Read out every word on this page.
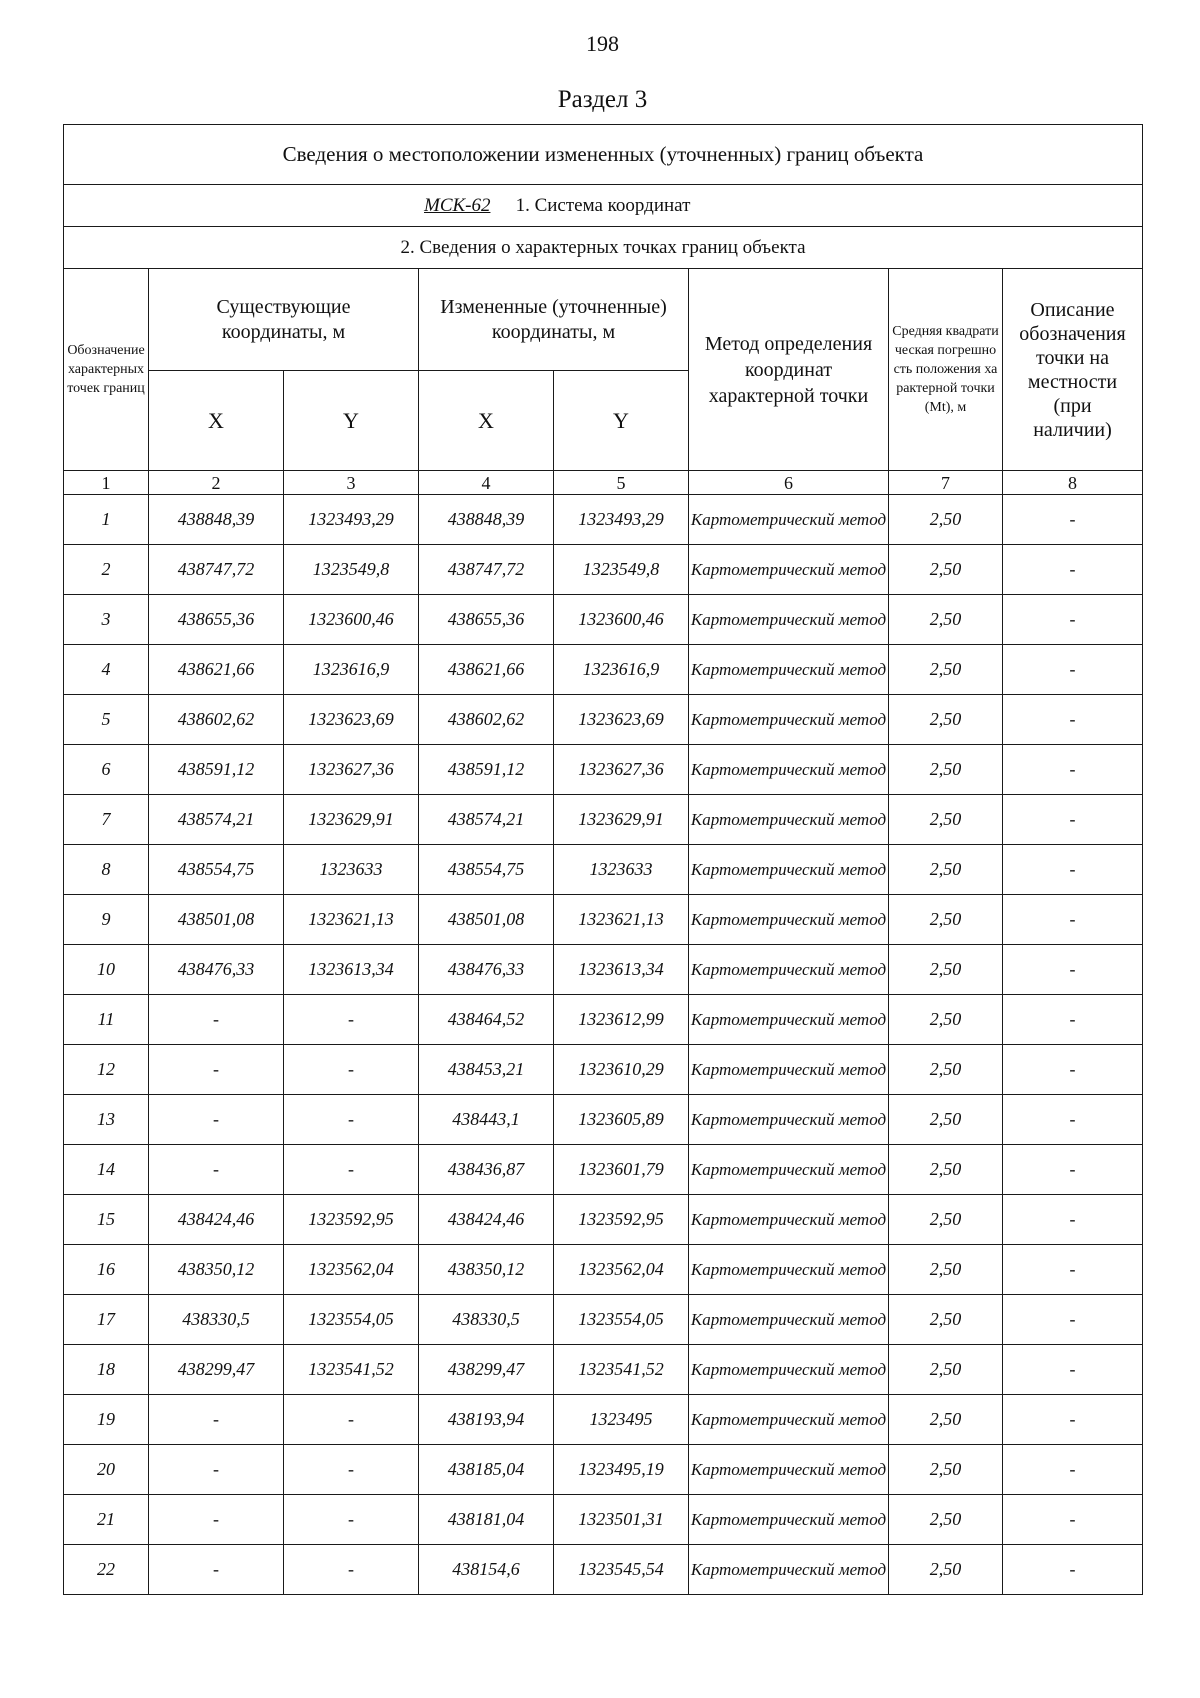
198
Раздел 3
Сведения о местоположении измененных (уточненных) границ объекта							
1. Система координат
МСК-62							

2. Сведения о характерных точках границ объекта							
Обозначение характерных точек границ	Существующие координаты, м		Измененные (уточненные) координаты, м		Метод определения координат характерной точки	Средняя квадратическая погрешность положения характерной точки (Mt), м	Описание обозначения точки на местности (при наличии)
	X	Y	X	Y			
1	2	3	4	5	6	7	8
1	438848,39	1323493,29	438848,39	1323493,29	Картометрический метод	2,50	-
2	438747,72	1323549,8	438747,72	1323549,8	Картометрический метод	2,50	-
3	438655,36	1323600,46	438655,36	1323600,46	Картометрический метод	2,50	-
4	438621,66	1323616,9	438621,66	1323616,9	Картометрический метод	2,50	-
5	438602,62	1323623,69	438602,62	1323623,69	Картометрический метод	2,50	-
6	438591,12	1323627,36	438591,12	1323627,36	Картометрический метод	2,50	-
7	438574,21	1323629,91	438574,21	1323629,91	Картометрический метод	2,50	-
8	438554,75	1323633	438554,75	1323633	Картометрический метод	2,50	-
9	438501,08	1323621,13	438501,08	1323621,13	Картометрический метод	2,50	-
10	438476,33	1323613,34	438476,33	1323613,34	Картометрический метод	2,50	-
11	-	-	438464,52	1323612,99	Картометрический метод	2,50	-
12	-	-	438453,21	1323610,29	Картометрический метод	2,50	-
13	-	-	438443,1	1323605,89	Картометрический метод	2,50	-
14	-	-	438436,87	1323601,79	Картометрический метод	2,50	-
15	438424,46	1323592,95	438424,46	1323592,95	Картометрический метод	2,50	-
16	438350,12	1323562,04	438350,12	1323562,04	Картометрический метод	2,50	-
17	438330,5	1323554,05	438330,5	1323554,05	Картометрический метод	2,50	-
18	438299,47	1323541,52	438299,47	1323541,52	Картометрический метод	2,50	-
19	-	-	438193,94	1323495	Картометрический метод	2,50	-
20	-	-	438185,04	1323495,19	Картометрический метод	2,50	-
21	-	-	438181,04	1323501,31	Картометрический метод	2,50	-
22	-	-	438154,6	1323545,54	Картометрический метод	2,50	-
